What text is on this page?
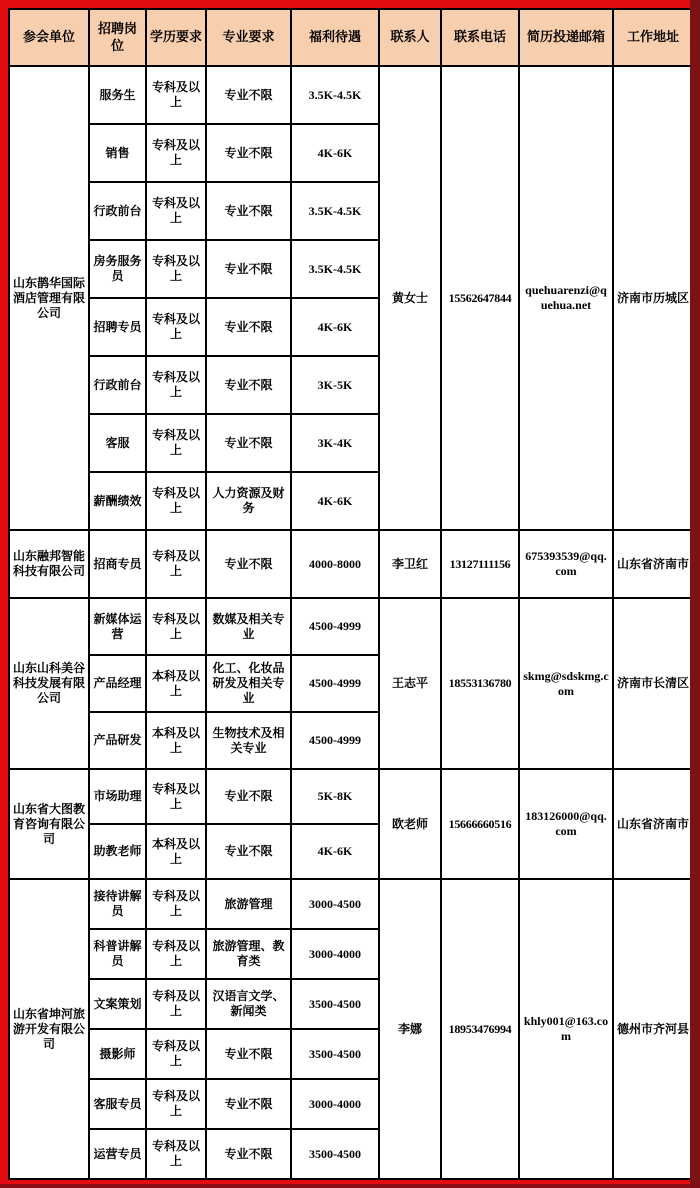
参会单位	招聘岗位	学历要求	专业要求	福利待遇	联系人	联系电话	简历投递邮箱	工作地址
山东鹊华国际酒店管理有限公司	服务生	专科及以上	专业不限	3.5K-4.5K	黄女士	15562647844	quehuarenzi@quehua.net	济南市历城区
	销售	专科及以上	专业不限	4K-6K				
	行政前台	专科及以上	专业不限	3.5K-4.5K				
	房务服务员	专科及以上	专业不限	3.5K-4.5K				
	招聘专员	专科及以上	专业不限	4K-6K				
	行政前台	专科及以上	专业不限	3K-5K				
	客服	专科及以上	专业不限	3K-4K				
	薪酬绩效	专科及以上	人力资源及财务	4K-6K				
山东融邦智能科技有限公司	招商专员	专科及以上	专业不限	4000-8000	李卫红	13127111156	675393539@qq.com	山东省济南市
山东山科美谷科技发展有限公司	新媒体运营	专科及以上	数媒及相关专业	4500-4999	王志平	18553136780	skmg@sdskmg.com	济南市长清区
	产品经理	本科及以上	化工、化妆品研发及相关专业	4500-4999				
	产品研发	本科及以上	生物技术及相关专业	4500-4999				
山东省大图教育咨询有限公司	市场助理	专科及以上	专业不限	5K-8K	欧老师	15666660516	183126000@qq.com	山东省济南市
	助教老师	本科及以上	专业不限	4K-6K				
山东省坤河旅游开发有限公司	接待讲解员	专科及以上	旅游管理	3000-4500	李娜	18953476994	khly001@163.com	德州市齐河县
	科普讲解员	专科及以上	旅游管理、教育类	3000-4000				
	文案策划	专科及以上	汉语言文学、新闻类	3500-4500				
	摄影师	专科及以上	专业不限	3500-4500				
	客服专员	专科及以上	专业不限	3000-4000				
	运营专员	专科及以上	专业不限	3500-4500				
